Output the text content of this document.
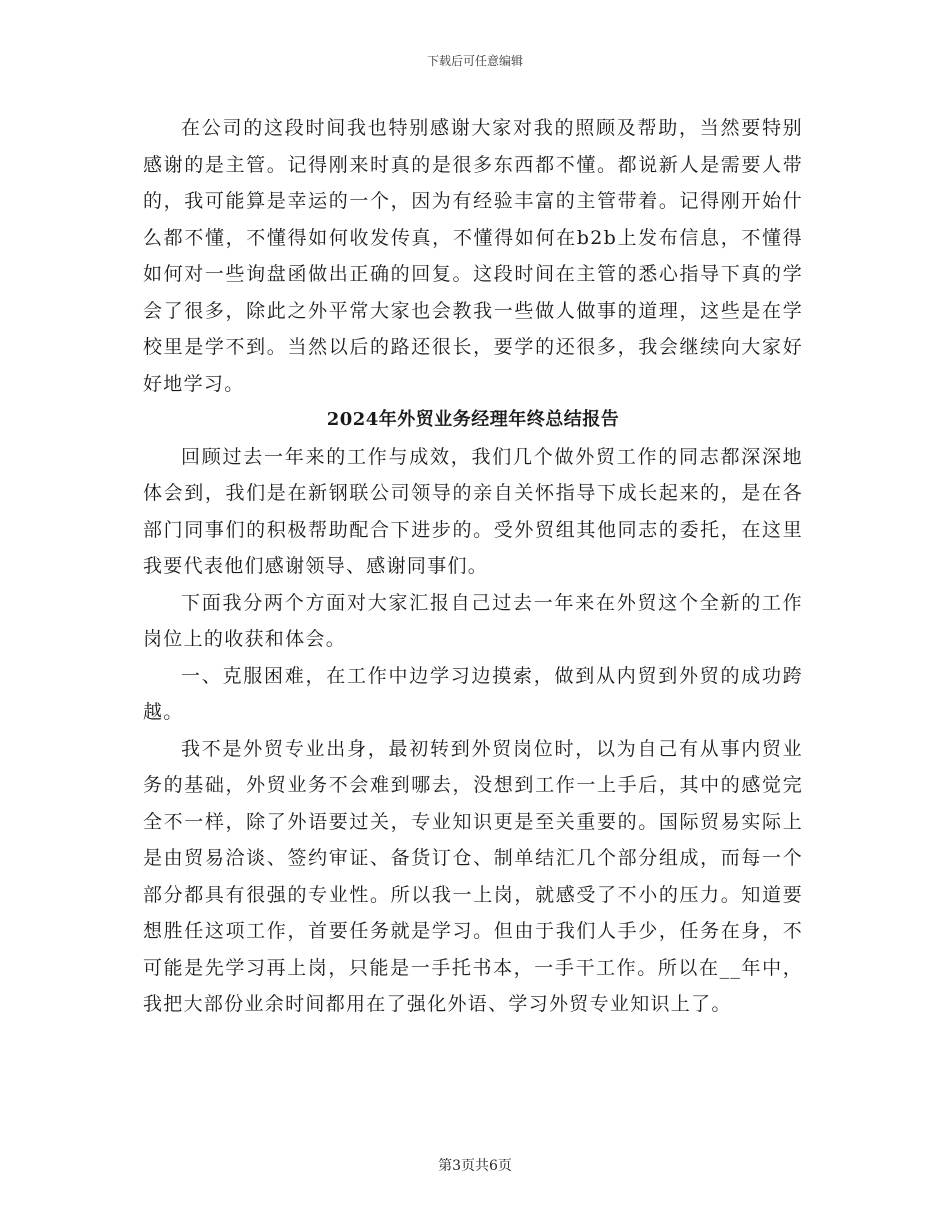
下载后可任意编辑

在公司的这段时间我也特别感谢大家对我的照顾及帮助，当然要特别感谢的是主管。记得刚来时真的是很多东西都不懂。都说新人是需要人带的，我可能算是幸运的一个，因为有经验丰富的主管带着。记得刚开始什么都不懂，不懂得如何收发传真，不懂得如何在b2b上发布信息，不懂得如何对一些询盘函做出正确的回复。这段时间在主管的悉心指导下真的学会了很多，除此之外平常大家也会教我一些做人做事的道理，这些是在学校里是学不到。当然以后的路还很长，要学的还很多，我会继续向大家好好地学习。

2024年外贸业务经理年终总结报告

回顾过去一年来的工作与成效，我们几个做外贸工作的同志都深深地体会到，我们是在新钢联公司领导的亲自关怀指导下成长起来的，是在各部门同事们的积极帮助配合下进步的。受外贸组其他同志的委托，在这里我要代表他们感谢领导、感谢同事们。

下面我分两个方面对大家汇报自己过去一年来在外贸这个全新的工作岗位上的收获和体会。

一、克服困难，在工作中边学习边摸索，做到从内贸到外贸的成功跨越。

我不是外贸专业出身，最初转到外贸岗位时，以为自己有从事内贸业务的基础，外贸业务不会难到哪去，没想到工作一上手后，其中的感觉完全不一样，除了外语要过关，专业知识更是至关重要的。国际贸易实际上是由贸易洽谈、签约审证、备货订仓、制单结汇几个部分组成，而每一个部分都具有很强的专业性。所以我一上岗，就感受了不小的压力。知道要想胜任这项工作，首要任务就是学习。但由于我们人手少，任务在身，不可能是先学习再上岗，只能是一手托书本，一手干工作。所以在__年中，我把大部份业余时间都用在了强化外语、学习外贸专业知识上了。

第3页共6页
